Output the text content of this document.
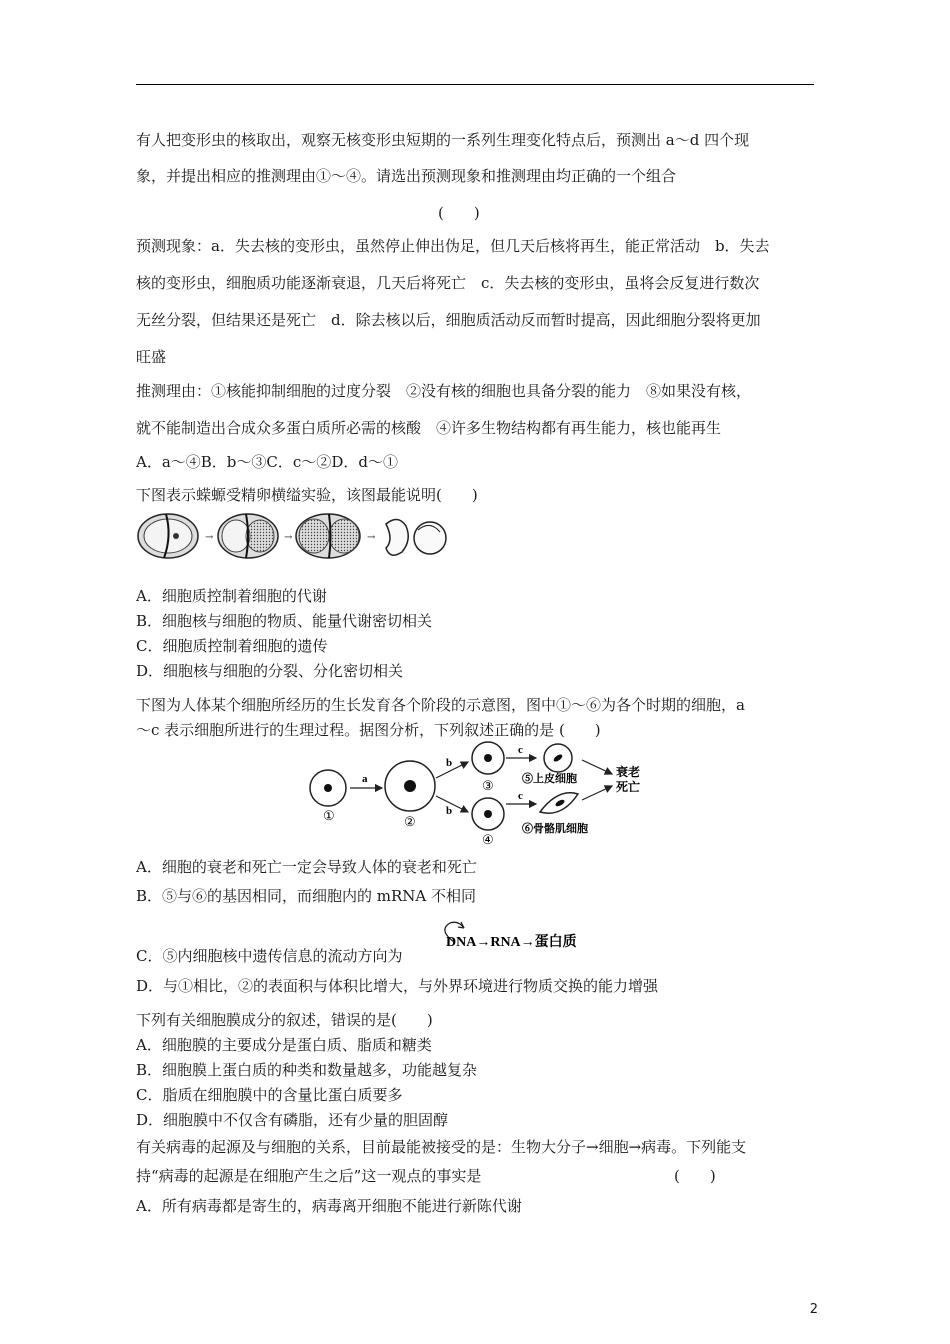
有人把变形虫的核取出，观察无核变形虫短期的一系列生理变化特点后，预测出 a～d 四个现
象，并提出相应的推测理由①～④。请选出预测现象和推测理由均正确的一个组合
(　　)
预测现象：a．失去核的变形虫，虽然停止伸出伪足，但几天后核将再生，能正常活动　b．失去
核的变形虫，细胞质功能逐渐衰退，几天后将死亡　c．失去核的变形虫，虽将会反复进行数次
无丝分裂，但结果还是死亡　d．除去核以后，细胞质活动反而暂时提高，因此细胞分裂将更加
旺盛
推测理由：①核能抑制细胞的过度分裂　②没有核的细胞也具备分裂的能力　⑧如果没有核，
就不能制造出合成众多蛋白质所必需的核酸　④许多生物结构都有再生能力，核也能再生
A．a～④B．b～③C．c～②D．d～①
下图表示蝾螈受精卵横缢实验，该图最能说明(　　)
→	→	→
A．细胞质控制着细胞的代谢
B．细胞核与细胞的物质、能量代谢密切相关
C．细胞质控制着细胞的遗传
D．细胞核与细胞的分裂、分化密切相关
下图为人体某个细胞所经历的生长发育各个阶段的示意图，图中①～⑥为各个时期的细胞，a
～c 表示细胞所进行的生理过程。据图分析，下列叙述正确的是 (　　)
①
a
②
b
b
③
④
c
c
⑤上皮细胞
⑥骨骼肌细胞
衰老
死亡
A．细胞的衰老和死亡一定会导致人体的衰老和死亡
B．⑤与⑥的基因相同，而细胞内的 mRNA 不相同
C．⑤内细胞核中遗传信息的流动方向为
DNA→RNA→蛋白质
D．与①相比，②的表面积与体积比增大，与外界环境进行物质交换的能力增强
下列有关细胞膜成分的叙述，错误的是(　　)
A．细胞膜的主要成分是蛋白质、脂质和糖类
B．细胞膜上蛋白质的种类和数量越多，功能越复杂
C．脂质在细胞膜中的含量比蛋白质要多
D．细胞膜中不仅含有磷脂，还有少量的胆固醇
有关病毒的起源及与细胞的关系，目前最能被接受的是：生物大分子→细胞→病毒。下列能支
持“病毒的起源是在细胞产生之后”这一观点的事实是	(　　)
A．所有病毒都是寄生的，病毒离开细胞不能进行新陈代谢
2
